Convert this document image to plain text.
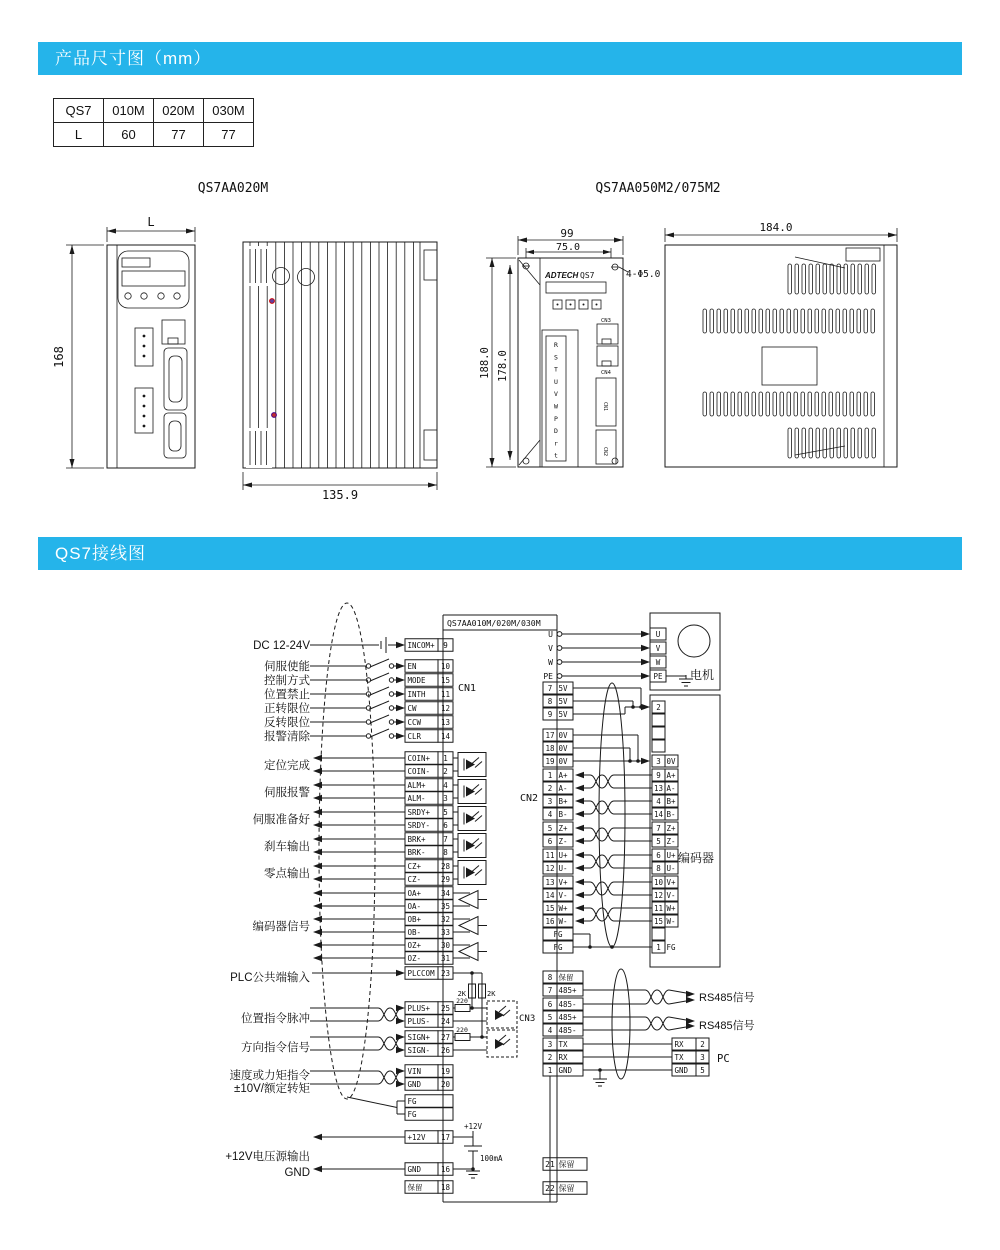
产品尺寸图（mm）
QS7	010M	020M	030M
L	60	77	77
QS7AA020M	QS7AA050M2/075M2
L
168
135.9
ADTECH QS7
CN3
CN4
CN1
CN2
99
75.0
4-Φ5.0
188.0 178.0
184.0
R
S
T
U
V
W
P
D
r
t
QS7接线图
QS7AA010M/020M/030M
CN1
CN2
CN3
PC
DC 12-24V
伺服使能
控制方式
位置禁止
正转限位
反转限位
报警清除
定位完成
伺服报警
伺服准备好
刹车输出
零点输出
编码器信号
PLC公共端输入
位置指令脉冲
方向指令信号
速度或力矩指令
±10V/额定转矩
+12V电压源输出
GND
9
INCOM+
10
EN
15
MODE
11
INTH
12
CW
13
CCW
14
CLR
1
COIN+
2
COIN-
4
ALM+
3
ALM-
5
SRDY+
6
SRDY-
7
BRK+
8
BRK-
28
CZ+
29
CZ-
34
OA+
35
OA-
32
OB+
33
OB-
30
OZ+
31
OZ-
23
PLCCOM
25
PLUS+
24
PLUS-
27
SIGN+
26
SIGN-
19
VIN
20
GND
FG
FG
17
+12V
16
GND
18
保留
7 5V
8 5V
9 5V
17 0V
18 0V
19 0V
1 A+
2 A-
3 B+
4 B-
5 Z+
6 Z-
11 U+
12 U-
13 V+
14 V-
15 W+
16 W-
FG
FG
2
3 0V
9 A+
13 A-
4 B+
14 B-
7 Z+
5 Z-
6 U+
8 U-
10 V+
12 V-
11 W+
15 W-
1 FG
8 保留
7 485+
6 485-
5 485+
4 485-
3 TX
2 RX
1 GND
2
RX
3
TX
5
GND
21 保留
22 保留
2K	2K
220
220
+12V
100mA
U	U
V	V
W	W
PE	PE 电机
编码器
RS485信号
RS485信号
